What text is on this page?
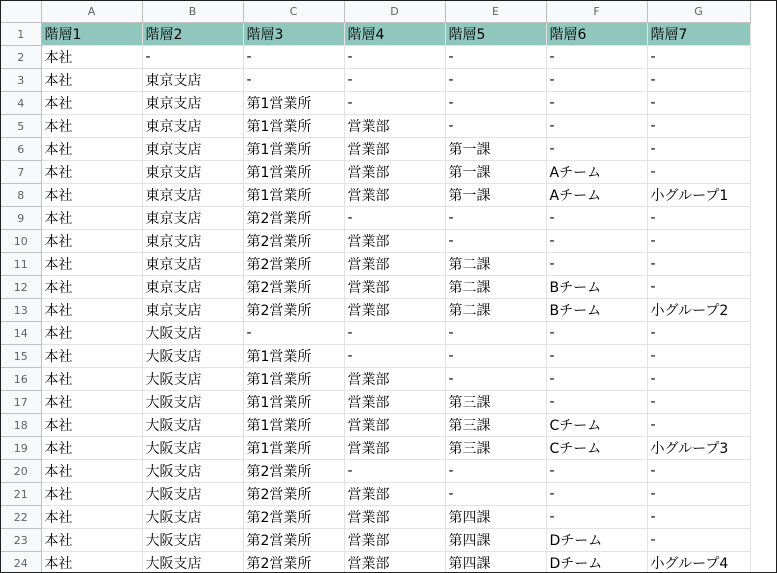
	A	B	C	D	E	F	G
1	階層1	階層2	階層3	階層4	階層5	階層6	階層7
2	本社	-	-	-	-	-	-
3	本社	東京支店	-	-	-	-	-
4	本社	東京支店	第1営業所	-	-	-	-
5	本社	東京支店	第1営業所	営業部	-	-	-
6	本社	東京支店	第1営業所	営業部	第一課	-	-
7	本社	東京支店	第1営業所	営業部	第一課	Aチーム	-
8	本社	東京支店	第1営業所	営業部	第一課	Aチーム	小グループ1
9	本社	東京支店	第2営業所	-	-	-	-
10	本社	東京支店	第2営業所	営業部	-	-	-
11	本社	東京支店	第2営業所	営業部	第二課	-	-
12	本社	東京支店	第2営業所	営業部	第二課	Bチーム	-
13	本社	東京支店	第2営業所	営業部	第二課	Bチーム	小グループ2
14	本社	大阪支店	-	-	-	-	-
15	本社	大阪支店	第1営業所	-	-	-	-
16	本社	大阪支店	第1営業所	営業部	-	-	-
17	本社	大阪支店	第1営業所	営業部	第三課	-	-
18	本社	大阪支店	第1営業所	営業部	第三課	Cチーム	-
19	本社	大阪支店	第1営業所	営業部	第三課	Cチーム	小グループ3
20	本社	大阪支店	第2営業所	-	-	-	-
21	本社	大阪支店	第2営業所	営業部	-	-	-
22	本社	大阪支店	第2営業所	営業部	第四課	-	-
23	本社	大阪支店	第2営業所	営業部	第四課	Dチーム	-
24	本社	大阪支店	第2営業所	営業部	第四課	Dチーム	小グループ4
